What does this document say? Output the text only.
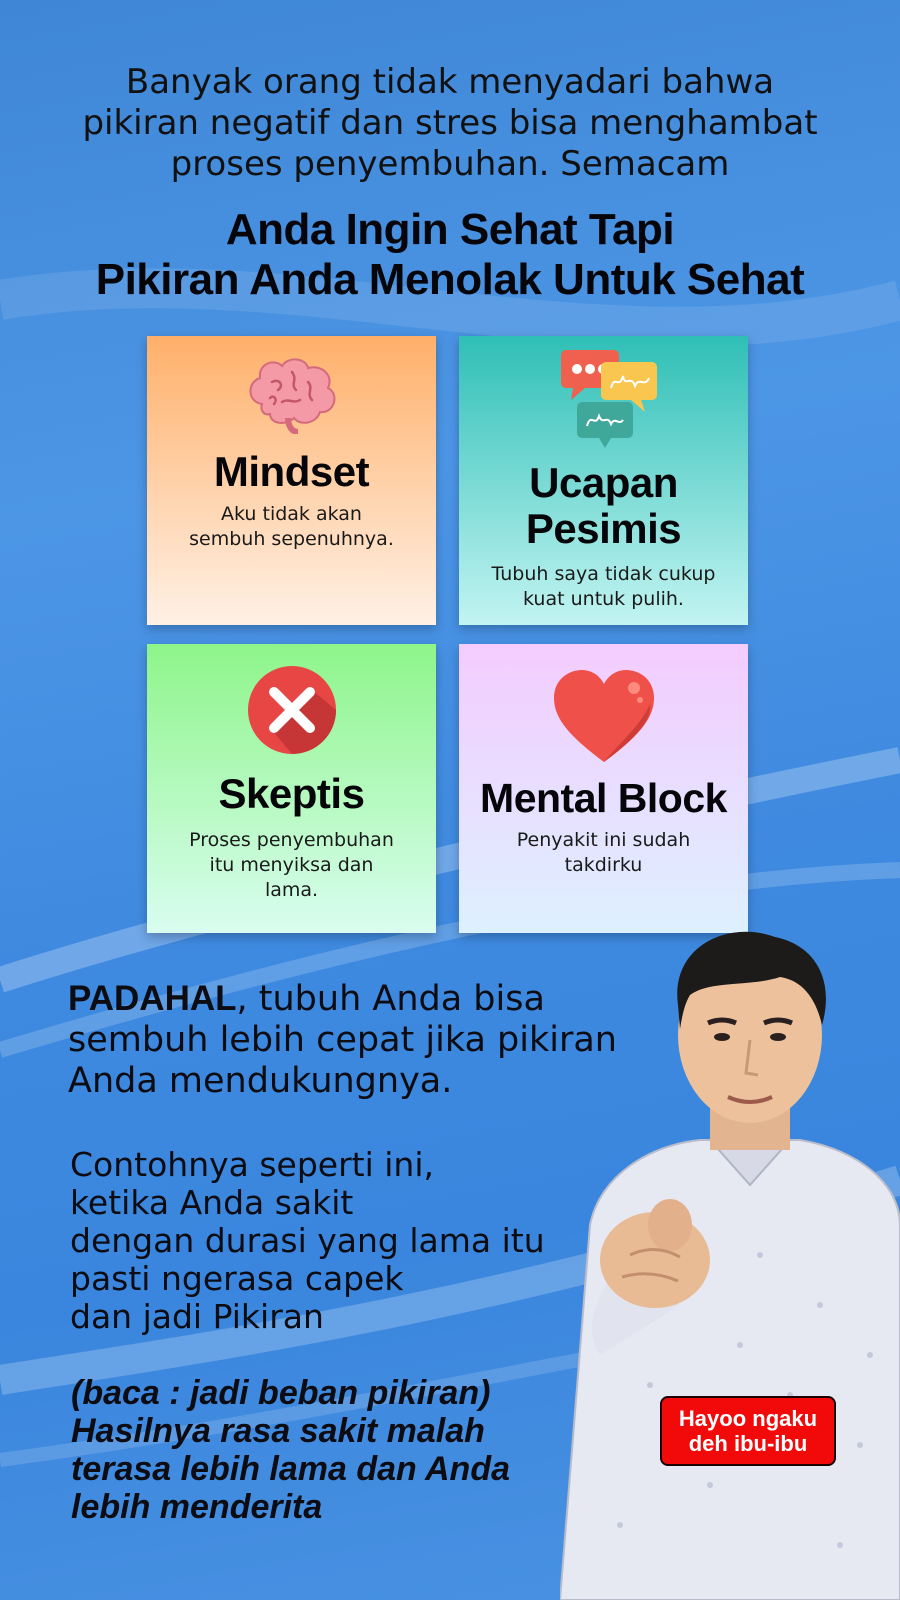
Banyak orang tidak menyadari bahwa
pikiran negatif dan stres bisa menghambat
proses penyembuhan. Semacam
Anda Ingin Sehat Tapi
Pikiran Anda Menolak Untuk Sehat
Mindset
Aku tidak akan
sembuh sepenuhnya.
Ucapan
Pesimis
Tubuh saya tidak cukup
kuat untuk pulih.
Skeptis
Proses penyembuhan
itu menyiksa dan
lama.
Mental Block
Penyakit ini sudah
takdirku
Hayoo ngaku
deh ibu-ibu
PADAHAL, tubuh Anda bisa
sembuh lebih cepat jika pikiran
Anda mendukungnya.
Contohnya seperti ini,
ketika Anda sakit
dengan durasi yang lama itu
pasti ngerasa capek
dan jadi Pikiran
(baca : jadi beban pikiran)
Hasilnya rasa sakit malah
terasa lebih lama dan Anda
lebih menderita
